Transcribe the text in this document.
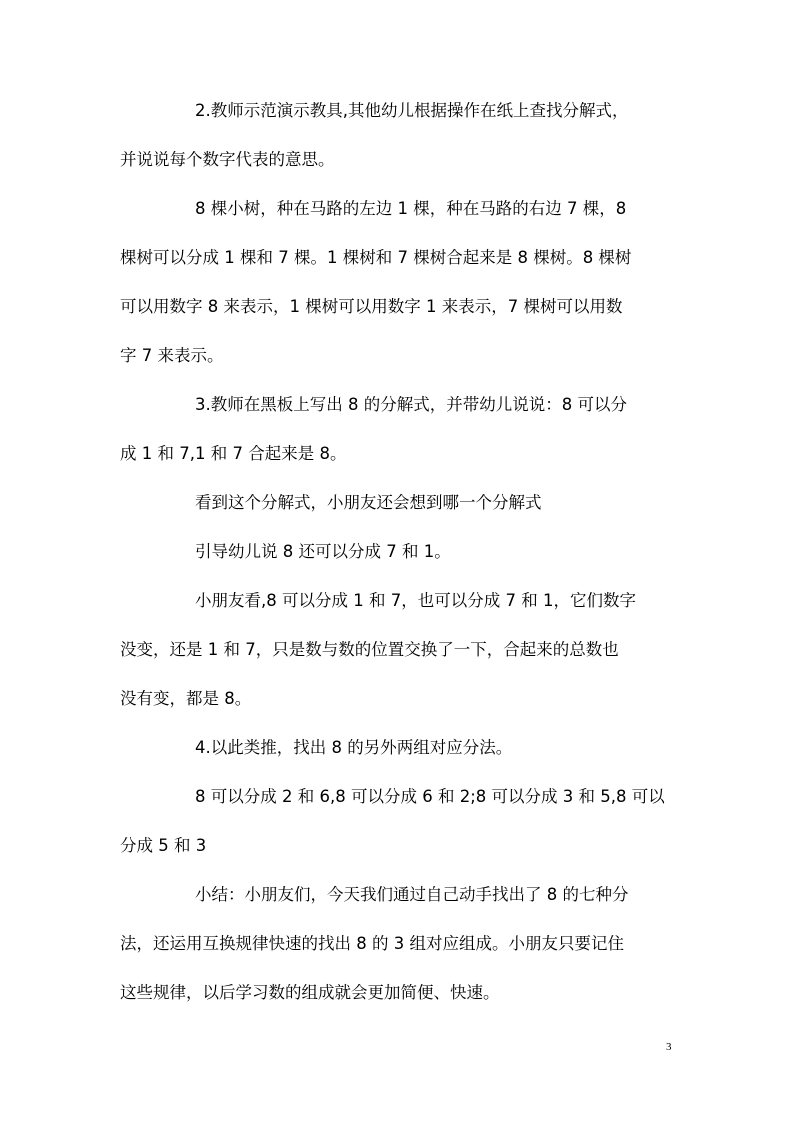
2.教师示范演示教具,其他幼儿根据操作在纸上查找分解式，
并说说每个数字代表的意思。
8 棵小树，种在马路的左边 1 棵，种在马路的右边 7 棵，8
棵树可以分成 1 棵和 7 棵。1 棵树和 7 棵树合起来是 8 棵树。8 棵树
可以用数字 8 来表示，1 棵树可以用数字 1 来表示，7 棵树可以用数
字 7 来表示。
3.教师在黑板上写出 8 的分解式，并带幼儿说说：8 可以分
成 1 和 7,1 和 7 合起来是 8。
看到这个分解式，小朋友还会想到哪一个分解式
引导幼儿说 8 还可以分成 7 和 1。
小朋友看,8 可以分成 1 和 7，也可以分成 7 和 1，它们数字
没变，还是 1 和 7，只是数与数的位置交换了一下，合起来的总数也
没有变，都是 8。
4.以此类推，找出 8 的另外两组对应分法。
8 可以分成 2 和 6,8 可以分成 6 和 2;8 可以分成 3 和 5,8 可以
分成 5 和 3
小结：小朋友们，今天我们通过自己动手找出了 8 的七种分
法，还运用互换规律快速的找出 8 的 3 组对应组成。小朋友只要记住
这些规律，以后学习数的组成就会更加简便、快速。
3
